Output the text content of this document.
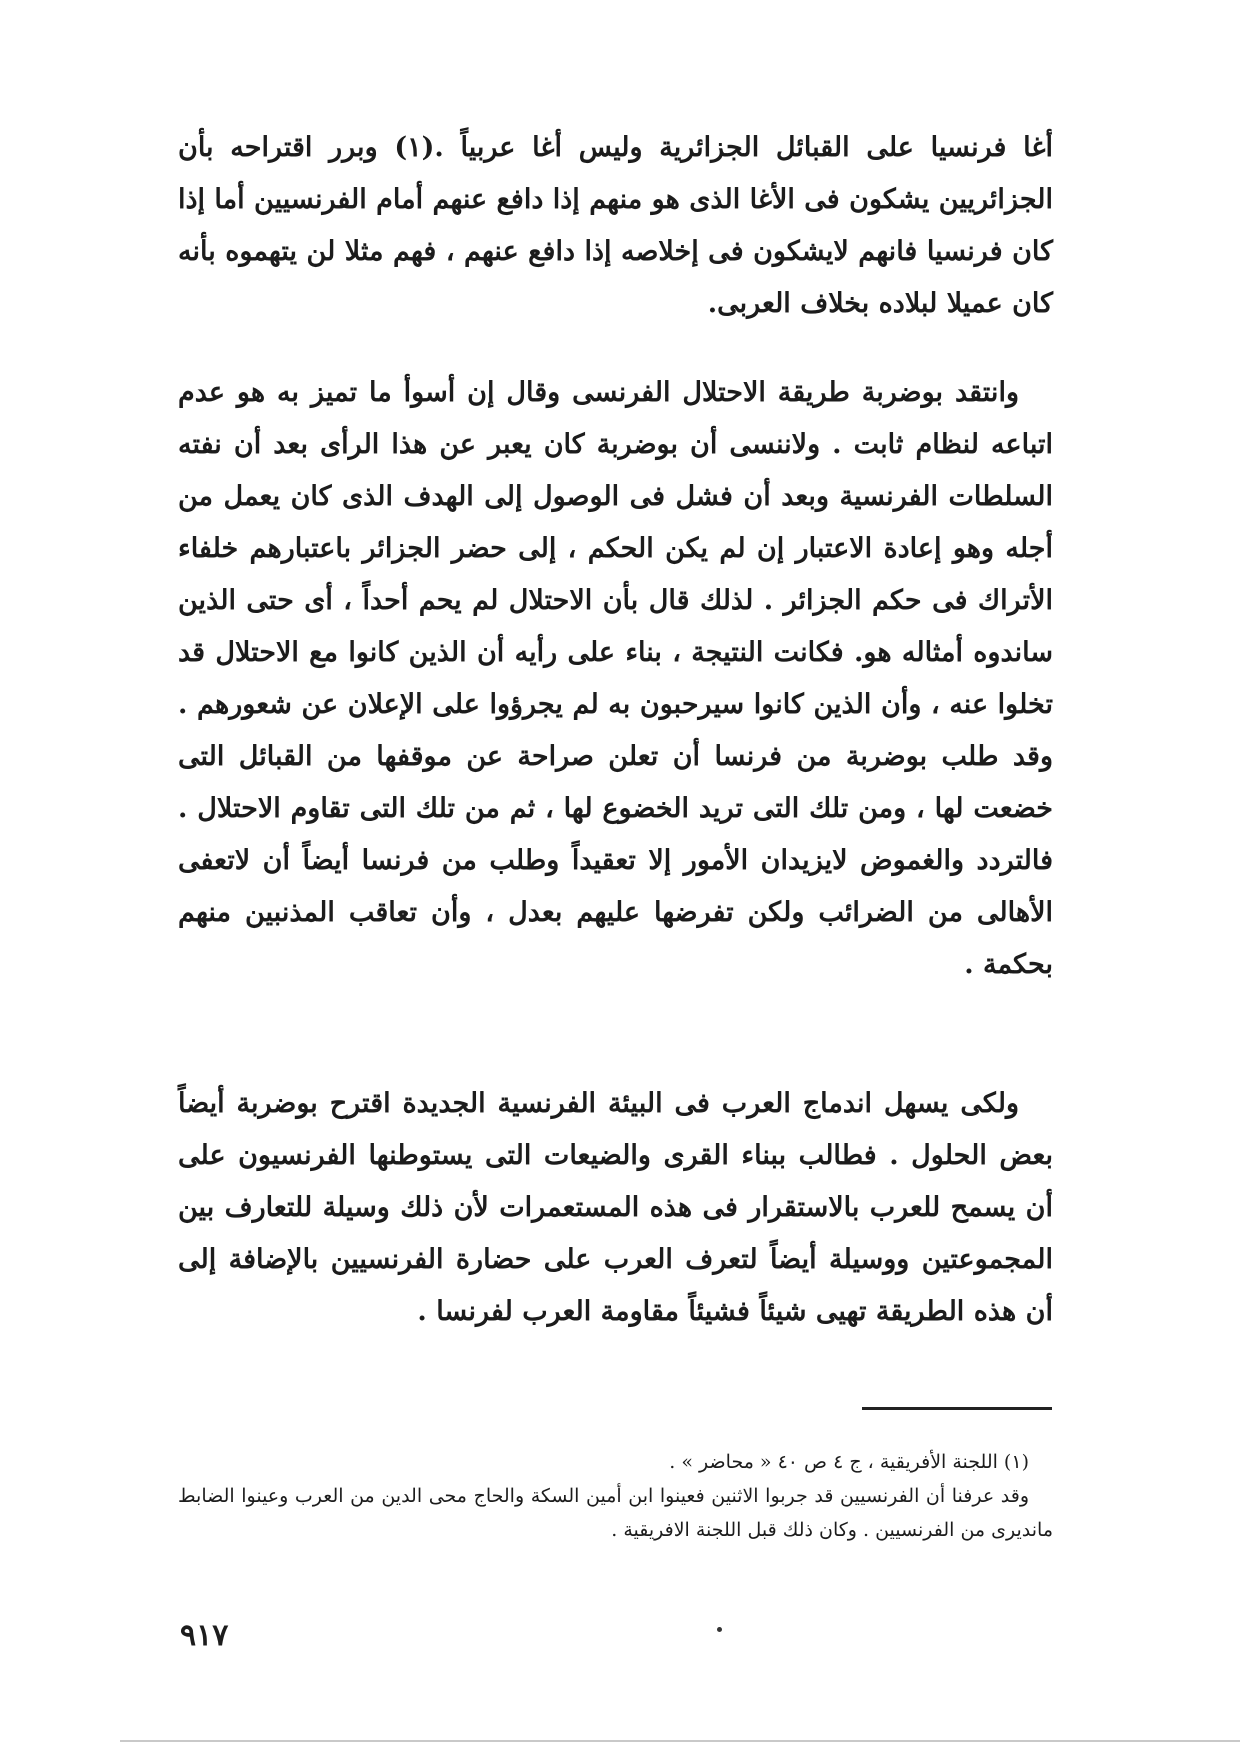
أغا فرنسيا على القبائل الجزائرية وليس أغا عربياً .(١) وبرر اقتراحه بأن الجزائريين يشكون فى الأغا الذى هو منهم إذا دافع عنهم أمام الفرنسيين أما إذا كان فرنسيا فانهم لايشكون فى إخلاصه إذا دافع عنهم ، فهم مثلا لن يتهموه بأنه كان عميلا لبلاده بخلاف العربى.

وانتقد بوضربة طريقة الاحتلال الفرنسى وقال إن أسوأ ما تميز به هو عدم اتباعه لنظام ثابت . ولاننسى أن بوضربة كان يعبر عن هذا الرأى بعد أن نفته السلطات الفرنسية وبعد أن فشل فى الوصول إلى الهدف الذى كان يعمل من أجله وهو إعادة الاعتبار إن لم يكن الحكم ، إلى حضر الجزائر باعتبارهم خلفاء الأتراك فى حكم الجزائر . لذلك قال بأن الاحتلال لم يحم أحداً ، أى حتى الذين ساندوه أمثاله هو. فكانت النتيجة ، بناء على رأيه أن الذين كانوا مع الاحتلال قد تخلوا عنه ، وأن الذين كانوا سيرحبون به لم يجرؤوا على الإعلان عن شعورهم . وقد طلب بوضربة من فرنسا أن تعلن صراحة عن موقفها من القبائل التى خضعت لها ، ومن تلك التى تريد الخضوع لها ، ثم من تلك التى تقاوم الاحتلال . فالتردد والغموض لايزيدان الأمور إلا تعقيداً وطلب من فرنسا أيضاً أن لاتعفى الأهالى من الضرائب ولكن تفرضها عليهم بعدل ، وأن تعاقب المذنبين منهم بحكمة .

ولكى يسهل اندماج العرب فى البيئة الفرنسية الجديدة اقترح بوضربة أيضاً بعض الحلول . فطالب ببناء القرى والضيعات التى يستوطنها الفرنسيون على أن يسمح للعرب بالاستقرار فى هذه المستعمرات لأن ذلك وسيلة للتعارف بين المجموعتين ووسيلة أيضاً لتعرف العرب على حضارة الفرنسيين بالإضافة إلى أن هذه الطريقة تهيى شيئاً فشيئاً مقاومة العرب لفرنسا .

(١) اللجنة الأفريقية ، ج ٤ ص ٤٠ « محاضر » .

وقد عرفنا أن الفرنسيين قد جربوا الاثنين فعينوا ابن أمين السكة والحاج محى الدين من العرب وعينوا الضابط مانديرى من الفرنسيين . وكان ذلك قبل اللجنة الافريقية .

٩١٧
